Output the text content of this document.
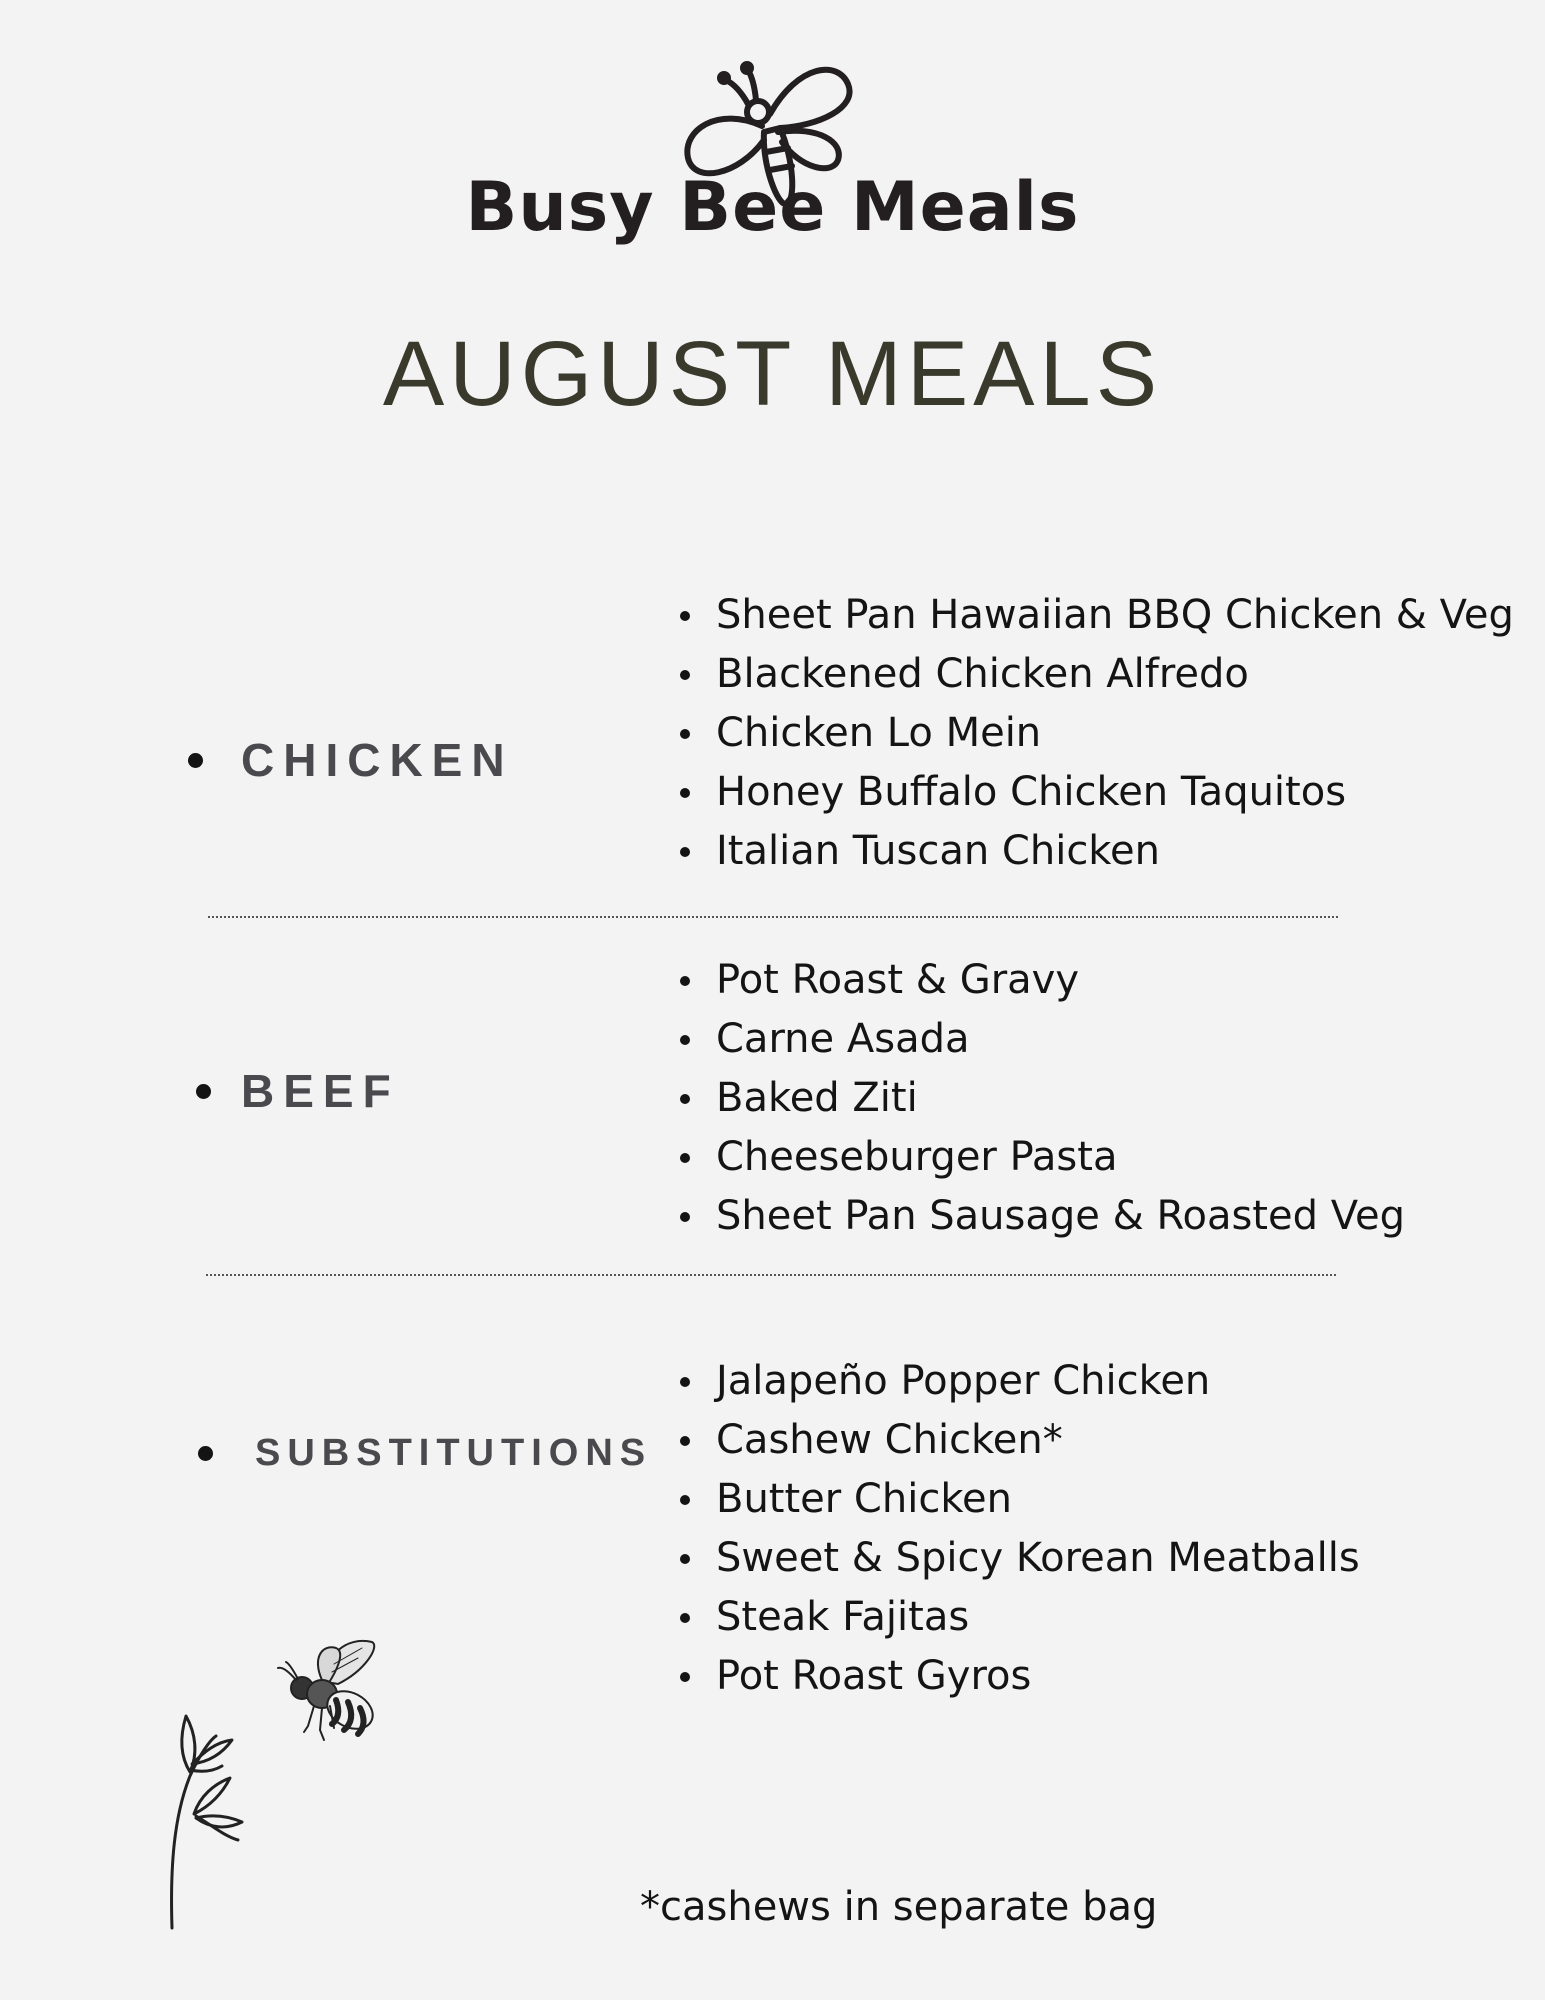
Busy Bee Meals
AUGUST MEALS
CHICKEN
Sheet Pan Hawaiian BBQ Chicken & Veg
Blackened Chicken Alfredo
Chicken Lo Mein
Honey Buffalo Chicken Taquitos
Italian Tuscan Chicken
BEEF
Pot Roast & Gravy
Carne Asada
Baked Ziti
Cheeseburger Pasta
Sheet Pan Sausage & Roasted Veg
SUBSTITUTIONS
Jalapeño Popper Chicken
Cashew Chicken*
Butter Chicken
Sweet & Spicy Korean Meatballs
Steak Fajitas
Pot Roast Gyros
*cashews in separate bag
